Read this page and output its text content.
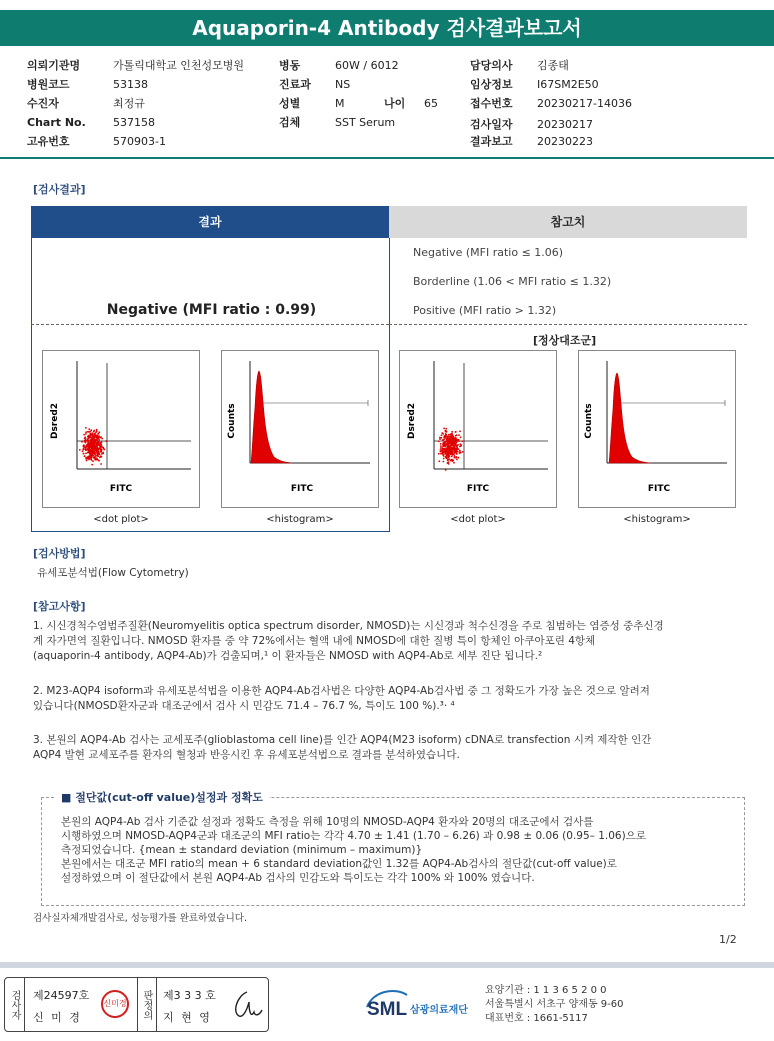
Aquaporin-4 Antibody 검사결과보고서
의뢰기관명	가톨릭대학교 인천성모병원
병원코드	53138
수진자	최정규
Chart No. 537158
고유번호	570903-1
병동	60W / 6012
진료과 NS
성별	M	나이 65
검체	SST Serum
담당의사 김종태
임상정보 I67SM2E50
접수번호 20230217-14036
검사일자 20230217
결과보고 20230223
[검사결과]
결과	참고치
Negative (MFI ratio : 0.99)
Negative (MFI ratio ≤ 1.06)
Borderline (1.06 < MFI ratio ≤ 1.32)
Positive (MFI ratio > 1.32)
[정상대조군]
Dsred2
FITC
<dot plot>
Counts
FITC
<histogram>
Dsred2
FITC
<dot plot>
Counts
FITC
<histogram>
[검사방법]
유세포분석법(Flow Cytometry)
[참고사항]
1. 시신경척수염범주질환(Neuromyelitis optica spectrum disorder, NMOSD)는 시신경과 척수신경을 주로 침범하는 염증성 중추신경
계 자가면역 질환입니다. NMOSD 환자를 중 약 72%에서는 혈액 내에 NMOSD에 대한 질병 특이 항체인 아쿠아포린 4항체
(aquaporin-4 antibody, AQP4-Ab)가 검출되며,¹ 이 환자들은 NMOSD with AQP4-Ab로 세부 진단 됩니다.²
2. M23-AQP4 isoform과 유세포분석법을 이용한 AQP4-Ab검사법은 다양한 AQP4-Ab검사법 중 그 정확도가 가장 높은 것으로 알려져
있습니다(NMOSD환자군과 대조군에서 검사 시 민감도 71.4 – 76.7 %, 특이도 100 %).³· ⁴
3. 본원의 AQP4-Ab 검사는 교세포주(glioblastoma cell line)를 인간 AQP4(M23 isoform) cDNA로 transfection 시켜 제작한 인간
AQP4 발현 교세포주를 환자의 혈청과 반응시킨 후 유세포분석법으로 결과를 분석하였습니다.
■ 절단값(cut-off value)설정과 정확도
본원의 AQP4-Ab 검사 기준값 설정과 정확도 측정을 위해 10명의 NMOSD-AQP4 환자와 20명의 대조군에서 검사를
시행하였으며 NMOSD-AQP4군과 대조군의 MFI ratio는 각각 4.70 ± 1.41 (1.70 – 6.26) 과 0.98 ± 0.06 (0.95– 1.06)으로
측정되었습니다. {mean ± standard deviation (minimum – maximum)}
본원에서는 대조군 MFI ratio의 mean + 6 standard deviation값인 1.32를 AQP4-Ab검사의 절단값(cut-off value)로
설정하였으며 이 절단값에서 본원 AQP4-Ab 검사의 민감도와 특이도는 각각 100% 와 100% 였습니다.
검사실자체개발검사로, 성능평가를 완료하였습니다.
1/2
검사자	제24597호
신 미 경
신미경	판정의	제3 3 3 호
지 현 영	SML 삼광의료재단
요양기관 : 1 1 3 6 5 2 0 0
서울특별시 서초구 양재동 9-60
대표번호 : 1661-5117
